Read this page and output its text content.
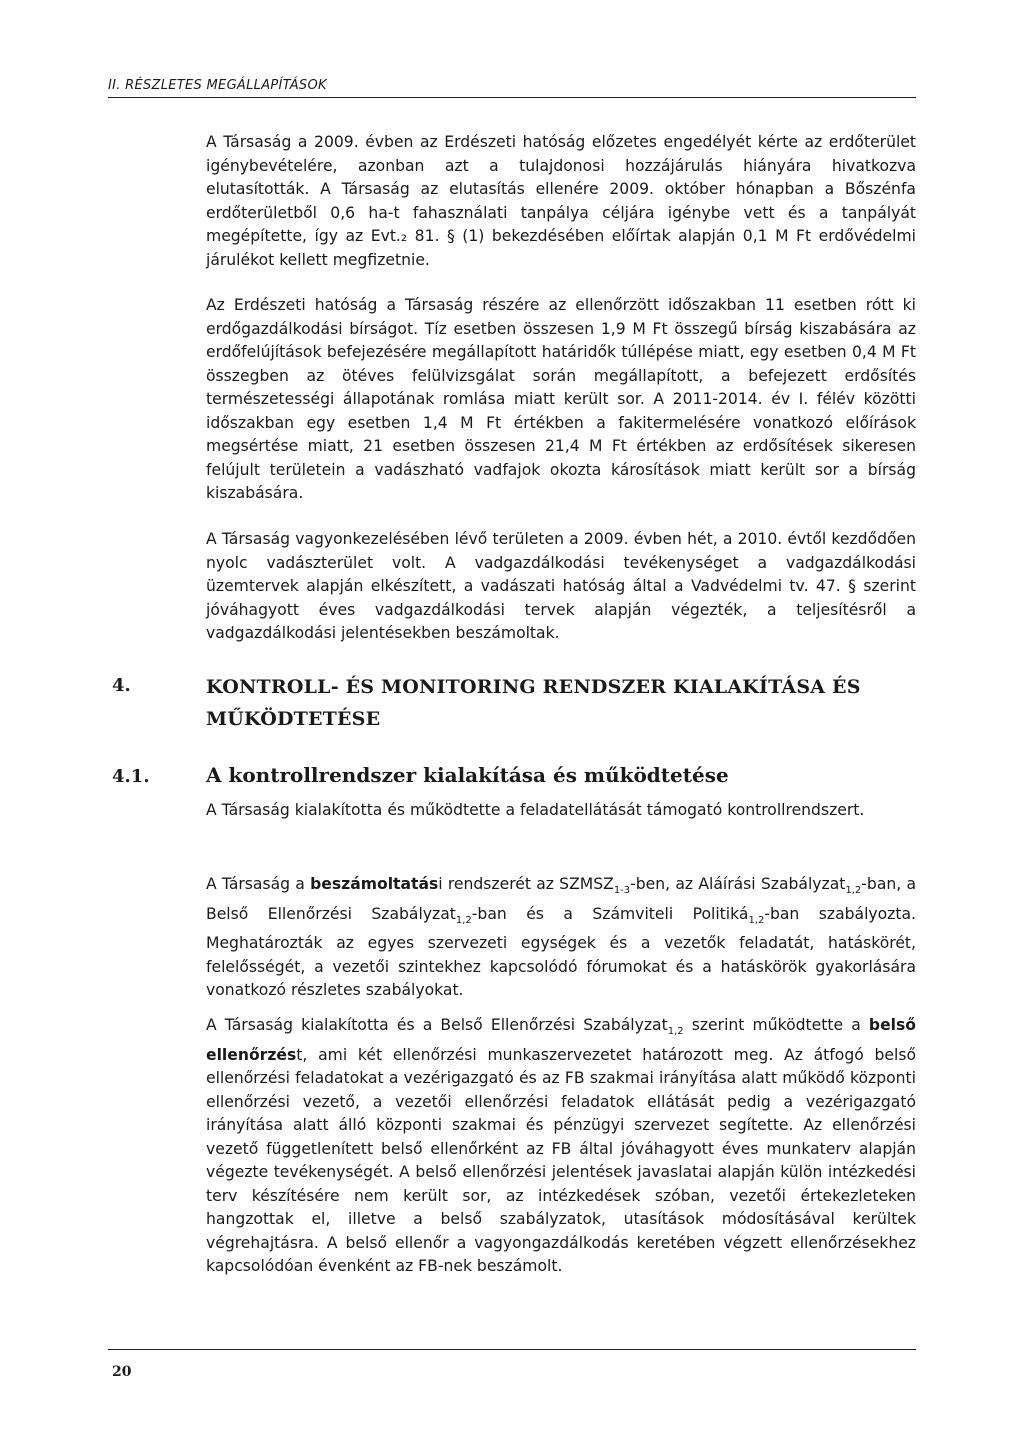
II. RÉSZLETES MEGÁLLAPÍTÁSOK

A Társaság a 2009. évben az Erdészeti hatóság előzetes engedélyét kérte az erdőterület igénybevételére, azonban azt a tulajdonosi hozzájárulás hiányára hivatkozva elutasították. A Társaság az elutasítás ellenére 2009. október hónapban a Bőszénfa erdőterületből 0,6 ha-t fahasználati tanpálya céljára igénybe vett és a tanpályát megépítette, így az Evt.₂ 81. § (1) bekezdésében előírtak alapján 0,1 M Ft erdővédelmi járulékot kellett megfizetnie.

Az Erdészeti hatóság a Társaság részére az ellenőrzött időszakban 11 esetben rótt ki erdőgazdálkodási bírságot. Tíz esetben összesen 1,9 M Ft összegű bírság kiszabására az erdőfelújítások befejezésére megállapított határidők túllépése miatt, egy esetben 0,4 M Ft összegben az ötéves felülvizsgálat során megállapított, a befejezett erdősítés természetességi állapotának romlása miatt került sor. A 2011-2014. év I. félév közötti időszakban egy esetben 1,4 M Ft értékben a fakitermelésére vonatkozó előírások megsértése miatt, 21 esetben összesen 21,4 M Ft értékben az erdősítések sikeresen felújult területein a vadászható vadfajok okozta károsítások miatt került sor a bírság kiszabására.

A Társaság vagyonkezelésében lévő területen a 2009. évben hét, a 2010. évtől kezdődően nyolc vadászterület volt. A vadgazdálkodási tevékenységet a vadgazdálkodási üzemtervek alapján elkészített, a vadászati hatóság által a Vadvédelmi tv. 47. § szerint jóváhagyott éves vadgazdálkodási tervek alapján végezték, a teljesítésről a vadgazdálkodási jelentésekben beszámoltak.

4.	KONTROLL- ÉS MONITORING RENDSZER KIALAKÍTÁSA ÉS MŰKÖDTETÉSE
4.1.	A kontrollrendszer kialakítása és működtetése

A Társaság kialakította és működtette a feladatellátását támogató kontrollrendszert.

A Társaság a beszámoltatási rendszerét az $SZMSZ_{1-3}$-ben, az Aláírási Szabályzat$_{1,2}$-ban, a Belső Ellenőrzési Szabályzat$_{1,2}$-ban és a Számviteli Politiká$_{1,2}$-ban szabályozta. Meghatározták az egyes szervezeti egységek és a vezetők feladatát, hatáskörét, felelősségét, a vezetői szintekhez kapcsolódó fórumokat és a hatáskörök gyakorlására vonatkozó részletes szabályokat.

A Társaság kialakította és a Belső Ellenőrzési Szabályzat$_{1,2}$ szerint működtette a belső ellenőrzést, ami két ellenőrzési munkaszervezetet határozott meg. Az átfogó belső ellenőrzési feladatokat a vezérigazgató és az FB szakmai irányítása alatt működő központi ellenőrzési vezető, a vezetői ellenőrzési feladatok ellátását pedig a vezérigazgató irányítása alatt álló központi szakmai és pénzügyi szervezet segítette. Az ellenőrzési vezető függetlenített belső ellenőrként az FB által jóváhagyott éves munkaterv alapján végezte tevékenységét. A belső ellenőrzési jelentések javaslatai alapján külön intézkedési terv készítésére nem került sor, az intézkedések szóban, vezetői értekezleteken hangzottak el, illetve a belső szabályzatok, utasítások módosításával kerültek végrehajtásra. A belső ellenőr a vagyongazdálkodás keretében végzett ellenőrzésekhez kapcsolódóan évenként az FB-nek beszámolt.

20
